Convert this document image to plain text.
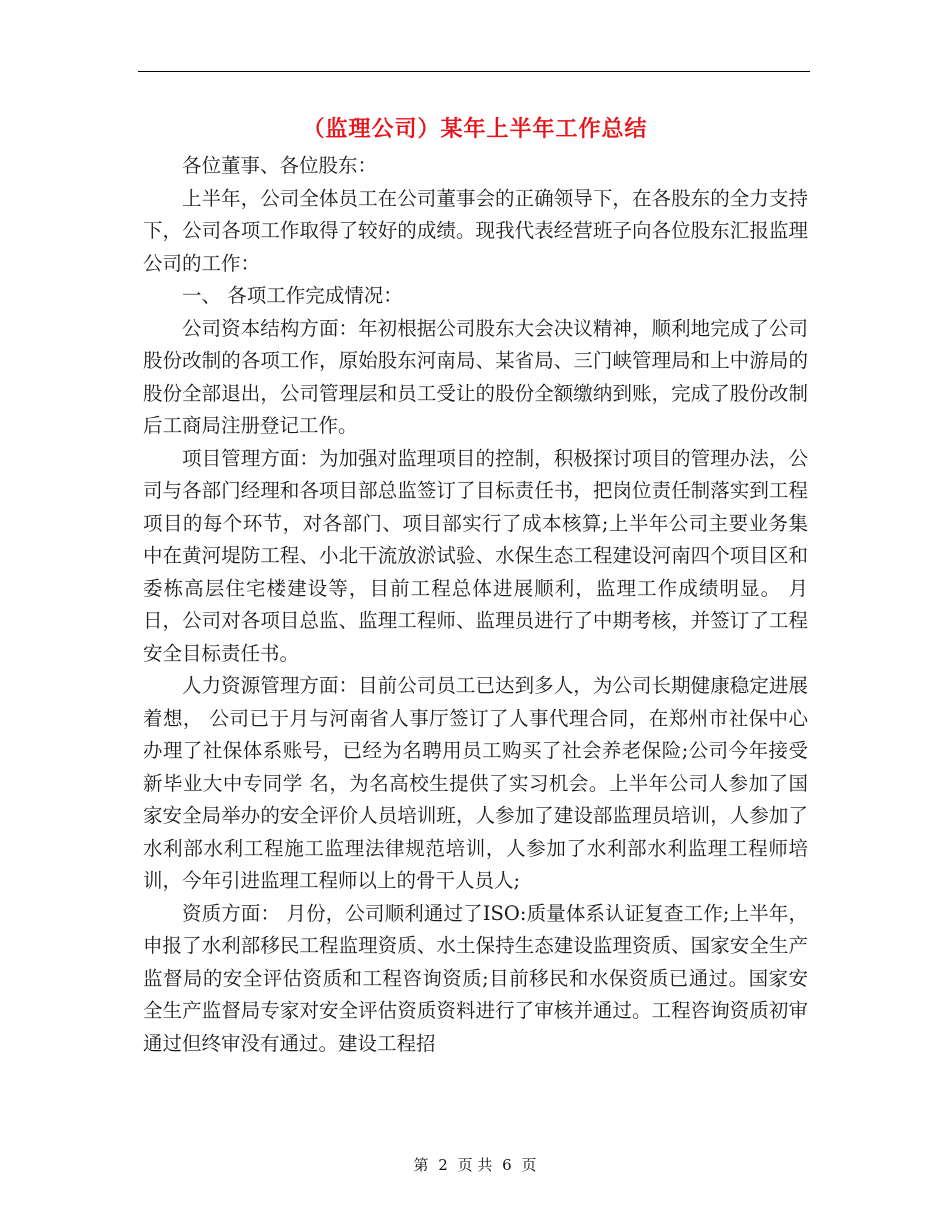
（监理公司）某年上半年工作总结

各位董事、各位股东：

上半年，公司全体员工在公司董事会的正确领导下，在各股东的全力支持下，公司各项工作取得了较好的成绩。现我代表经营班子向各位股东汇报监理公司的工作：

一、 各项工作完成情况：

公司资本结构方面：年初根据公司股东大会决议精神，顺利地完成了公司股份改制的各项工作，原始股东河南局、某省局、三门峡管理局和上中游局的股份全部退出，公司管理层和员工受让的股份全额缴纳到账，完成了股份改制后工商局注册登记工作。

项目管理方面：为加强对监理项目的控制，积极探讨项目的管理办法，公司与各部门经理和各项目部总监签订了目标责任书，把岗位责任制落实到工程项目的每个环节，对各部门、项目部实行了成本核算;上半年公司主要业务集中在黄河堤防工程、小北干流放淤试验、水保生态工程建设河南四个项目区和委栋高层住宅楼建设等，目前工程总体进展顺利，监理工作成绩明显。 月日，公司对各项目总监、监理工程师、监理员进行了中期考核，并签订了工程安全目标责任书。

人力资源管理方面：目前公司员工已达到多人，为公司长期健康稳定进展着想， 公司已于月与河南省人事厅签订了人事代理合同，在郑州市社保中心办理了社保体系账号，已经为名聘用员工购买了社会养老保险;公司今年接受新毕业大中专同学 名，为名高校生提供了实习机会。上半年公司人参加了国家安全局举办的安全评价人员培训班，人参加了建设部监理员培训，人参加了水利部水利工程施工监理法律规范培训，人参加了水利部水利监理工程师培训，今年引进监理工程师以上的骨干人员人;

资质方面： 月份，公司顺利通过了ISO:质量体系认证复查工作;上半年，申报了水利部移民工程监理资质、水土保持生态建设监理资质、国家安全生产监督局的安全评估资质和工程咨询资质;目前移民和水保资质已通过。国家安全生产监督局专家对安全评估资质资料进行了审核并通过。工程咨询资质初审通过但终审没有通过。建设工程招

第 2 页 共 6 页
